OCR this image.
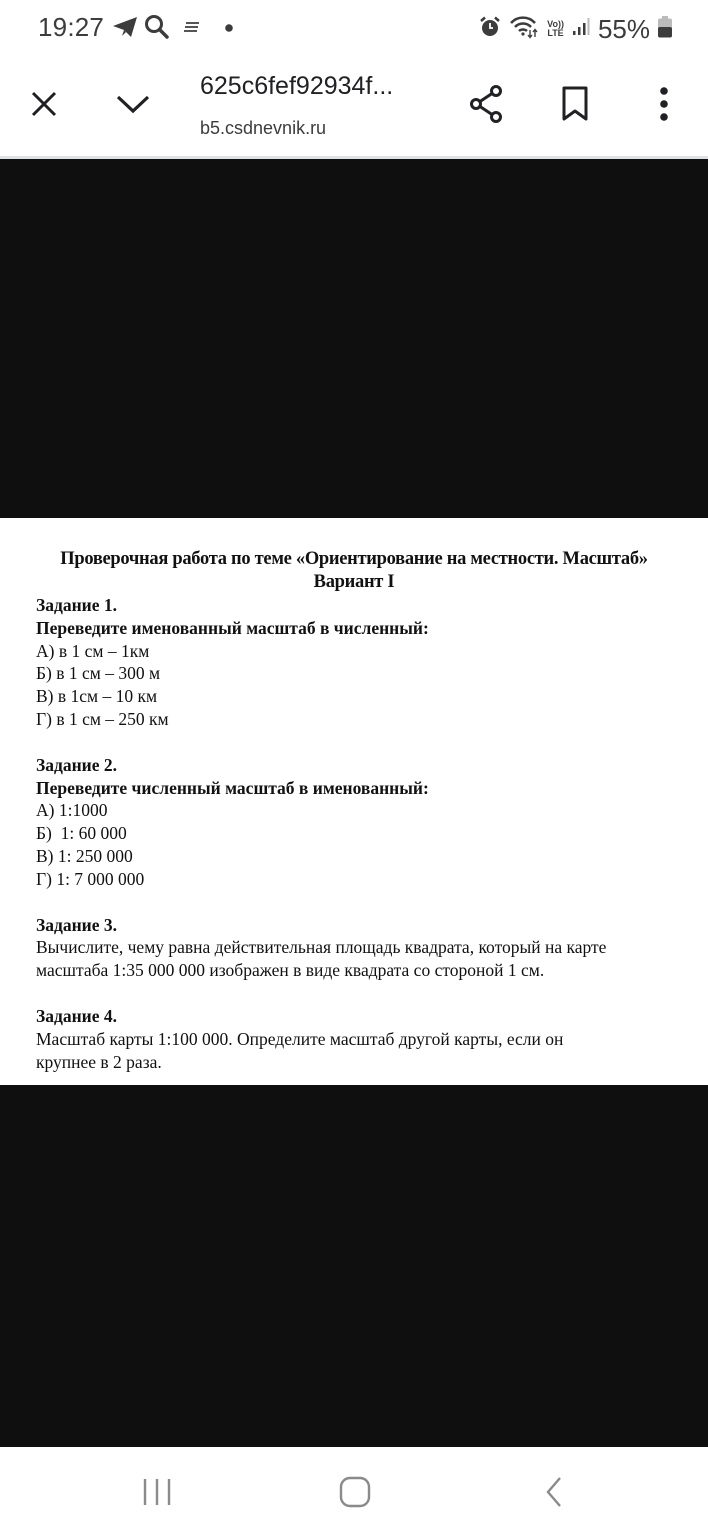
19:27	Vo))
LTE 55%
625c6fef92934f...
b5.csdnevnik.ru
Проверочная работа по теме «Ориентирование на местности. Масштаб»
Вариант I
Задание 1.
Переведите именованный масштаб в численный:
А) в 1 см – 1км
Б) в 1 см – 300 м
В) в 1см – 10 км
Г) в 1 см – 250 км
Задание 2.
Переведите численный масштаб в именованный:
А) 1:1000
Б)  1: 60 000
В) 1: 250 000
Г) 1: 7 000 000
Задание 3.
Вычислите, чему равна действительная площадь квадрата, который на карте
масштаба 1:35 000 000 изображен в виде квадрата со стороной 1 см.
Задание 4.
Масштаб карты 1:100 000. Определите масштаб другой карты, если он
крупнее в 2 раза.
